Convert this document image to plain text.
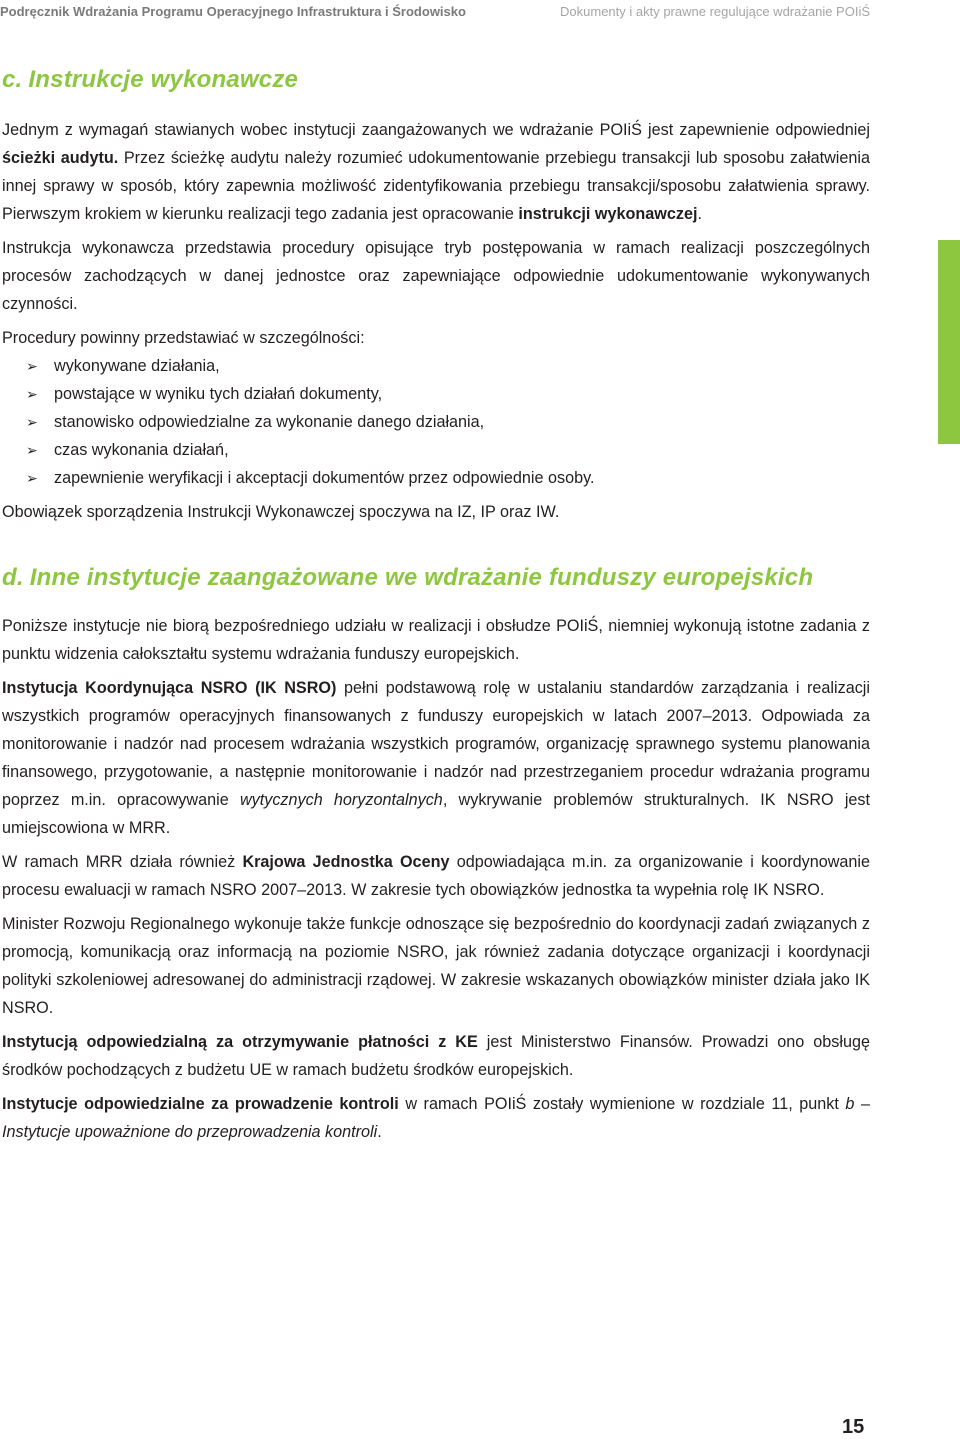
Podręcznik Wdrażania Programu Operacyjnego Infrastruktura i Środowisko	Dokumenty i akty prawne regulujące wdrażanie POIiŚ
c. Instrukcje wykonawcze

Jednym z wymagań stawianych wobec instytucji zaangażowanych we wdrażanie POIiŚ jest zapewnienie odpowiedniej ścieżki audytu. Przez ścieżkę audytu należy rozumieć udokumentowanie przebiegu transakcji lub sposobu załatwienia innej sprawy w sposób, który zapewnia możliwość zidentyfikowania przebiegu transakcji/sposobu załatwienia sprawy. Pierwszym krokiem w kierunku realizacji tego zadania jest opracowanie instrukcji wykonawczej.

Instrukcja wykonawcza przedstawia procedury opisujące tryb postępowania w ramach realizacji poszczególnych procesów zachodzących w danej jednostce oraz zapewniające odpowiednie udokumentowanie wykonywanych czynności.

Procedury powinny przedstawiać w szczególności:

➢ wykonywane działania,
➢ powstające w wyniku tych działań dokumenty,
➢ stanowisko odpowiedzialne za wykonanie danego działania,
➢ czas wykonania działań,
➢ zapewnienie weryfikacji i akceptacji dokumentów przez odpowiednie osoby.

Obowiązek sporządzenia Instrukcji Wykonawczej spoczywa na IZ, IP oraz IW.

d. Inne instytucje zaangażowane we wdrażanie funduszy europejskich

Poniższe instytucje nie biorą bezpośredniego udziału w realizacji i obsłudze POIiŚ, niemniej wykonują istotne zadania z punktu widzenia całokształtu systemu wdrażania funduszy europejskich.

Instytucja Koordynująca NSRO (IK NSRO) pełni podstawową rolę w ustalaniu standardów zarządzania i realizacji wszystkich programów operacyjnych finansowanych z funduszy europejskich w latach 2007–2013. Odpowiada za monitorowanie i nadzór nad procesem wdrażania wszystkich programów, organizację sprawnego systemu planowania finansowego, przygotowanie, a następnie monitorowanie i nadzór nad przestrzeganiem procedur wdrażania programu poprzez m.in. opracowywanie wytycznych horyzontalnych, wykrywanie problemów strukturalnych. IK NSRO jest umiejscowiona w MRR.

W ramach MRR działa również Krajowa Jednostka Oceny odpowiadająca m.in. za organizowanie i koordynowanie procesu ewaluacji w ramach NSRO 2007–2013. W zakresie tych obowiązków jednostka ta wypełnia rolę IK NSRO.

Minister Rozwoju Regionalnego wykonuje także funkcje odnoszące się bezpośrednio do koordynacji zadań związanych z promocją, komunikacją oraz informacją na poziomie NSRO, jak również zadania dotyczące organizacji i koordynacji polityki szkoleniowej adresowanej do administracji rządowej. W zakresie wskazanych obowiązków minister działa jako IK NSRO.

Instytucją odpowiedzialną za otrzymywanie płatności z KE jest Ministerstwo Finansów. Prowadzi ono obsługę środków pochodzących z budżetu UE w ramach budżetu środków europejskich.

Instytucje odpowiedzialne za prowadzenie kontroli w ramach POIiŚ zostały wymienione w rozdziale 11, punkt b – Instytucje upoważnione do przeprowadzenia kontroli.

15
